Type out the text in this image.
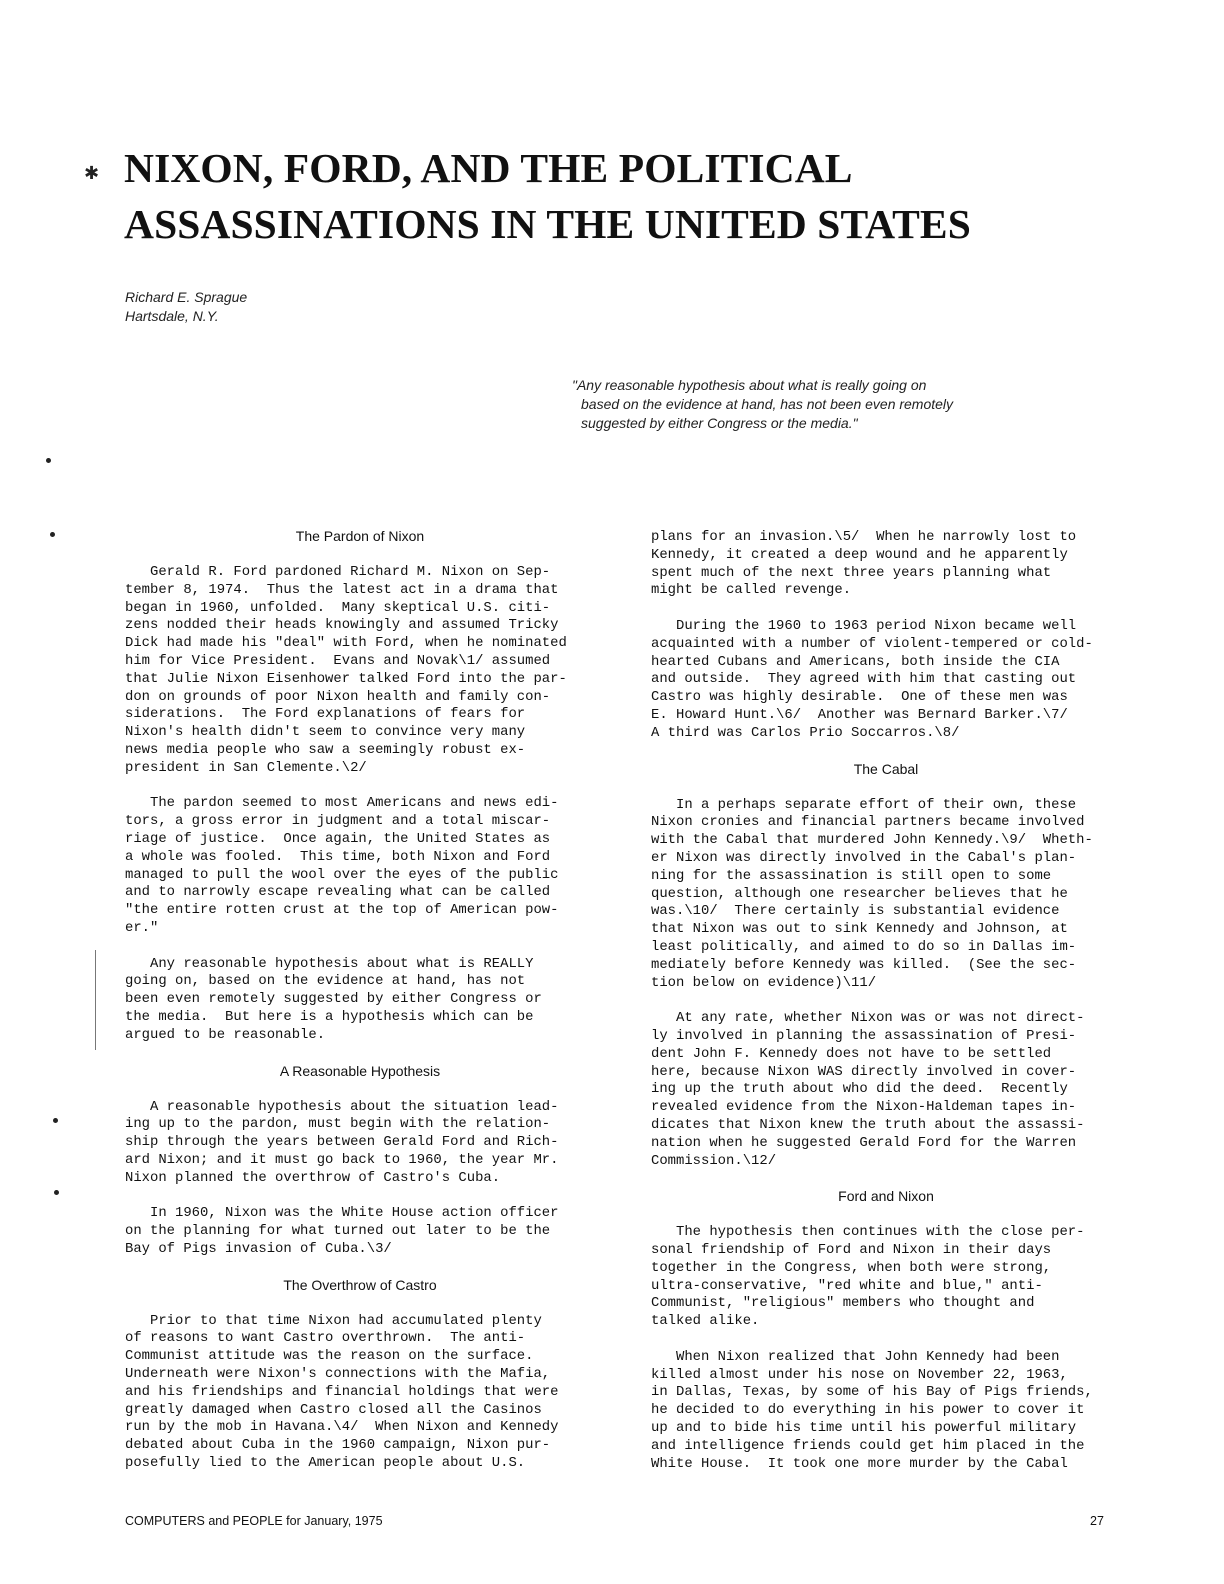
✱ NIXON, FORD, AND THE POLITICAL
ASSASSINATIONS IN THE UNITED STATES
Richard E. Sprague
Hartsdale, N.Y.
"Any reasonable hypothesis about what is really going on
based on the evidence at hand, has not been even remotely
suggested by either Congress or the media."
The Pardon of Nixon
Gerald R. Ford pardoned Richard M. Nixon on Sep-
tember 8, 1974.  Thus the latest act in a drama that
began in 1960, unfolded.  Many skeptical U.S. citi-
zens nodded their heads knowingly and assumed Tricky
Dick had made his "deal" with Ford, when he nominated
him for Vice President.  Evans and Novak\1/ assumed
that Julie Nixon Eisenhower talked Ford into the par-
don on grounds of poor Nixon health and family con-
siderations.  The Ford explanations of fears for
Nixon's health didn't seem to convince very many
news media people who saw a seemingly robust ex-
president in San Clemente.\2/
The pardon seemed to most Americans and news edi-
tors, a gross error in judgment and a total miscar-
riage of justice.  Once again, the United States as
a whole was fooled.  This time, both Nixon and Ford
managed to pull the wool over the eyes of the public
and to narrowly escape revealing what can be called
"the entire rotten crust at the top of American pow-
er."
Any reasonable hypothesis about what is REALLY
going on, based on the evidence at hand, has not
been even remotely suggested by either Congress or
the media.  But here is a hypothesis which can be
argued to be reasonable.
A Reasonable Hypothesis
A reasonable hypothesis about the situation lead-
ing up to the pardon, must begin with the relation-
ship through the years between Gerald Ford and Rich-
ard Nixon; and it must go back to 1960, the year Mr.
Nixon planned the overthrow of Castro's Cuba.
In 1960, Nixon was the White House action officer
on the planning for what turned out later to be the
Bay of Pigs invasion of Cuba.\3/
The Overthrow of Castro
Prior to that time Nixon had accumulated plenty
of reasons to want Castro overthrown.  The anti-
Communist attitude was the reason on the surface.
Underneath were Nixon's connections with the Mafia,
and his friendships and financial holdings that were
greatly damaged when Castro closed all the Casinos
run by the mob in Havana.\4/  When Nixon and Kennedy
debated about Cuba in the 1960 campaign, Nixon pur-
posefully lied to the American people about U.S.
plans for an invasion.\5/  When he narrowly lost to
Kennedy, it created a deep wound and he apparently
spent much of the next three years planning what
might be called revenge.
During the 1960 to 1963 period Nixon became well
acquainted with a number of violent-tempered or cold-
hearted Cubans and Americans, both inside the CIA
and outside.  They agreed with him that casting out
Castro was highly desirable.  One of these men was
E. Howard Hunt.\6/  Another was Bernard Barker.\7/
A third was Carlos Prio Soccarros.\8/
The Cabal
In a perhaps separate effort of their own, these
Nixon cronies and financial partners became involved
with the Cabal that murdered John Kennedy.\9/  Wheth-
er Nixon was directly involved in the Cabal's plan-
ning for the assassination is still open to some
question, although one researcher believes that he
was.\10/  There certainly is substantial evidence
that Nixon was out to sink Kennedy and Johnson, at
least politically, and aimed to do so in Dallas im-
mediately before Kennedy was killed.  (See the sec-
tion below on evidence)\11/
At any rate, whether Nixon was or was not direct-
ly involved in planning the assassination of Presi-
dent John F. Kennedy does not have to be settled
here, because Nixon WAS directly involved in cover-
ing up the truth about who did the deed.  Recently
revealed evidence from the Nixon-Haldeman tapes in-
dicates that Nixon knew the truth about the assassi-
nation when he suggested Gerald Ford for the Warren
Commission.\12/
Ford and Nixon
The hypothesis then continues with the close per-
sonal friendship of Ford and Nixon in their days
together in the Congress, when both were strong,
ultra-conservative, "red white and blue," anti-
Communist, "religious" members who thought and
talked alike.
When Nixon realized that John Kennedy had been
killed almost under his nose on November 22, 1963,
in Dallas, Texas, by some of his Bay of Pigs friends,
he decided to do everything in his power to cover it
up and to bide his time until his powerful military
and intelligence friends could get him placed in the
White House.  It took one more murder by the Cabal
COMPUTERS and PEOPLE for January, 1975	27
